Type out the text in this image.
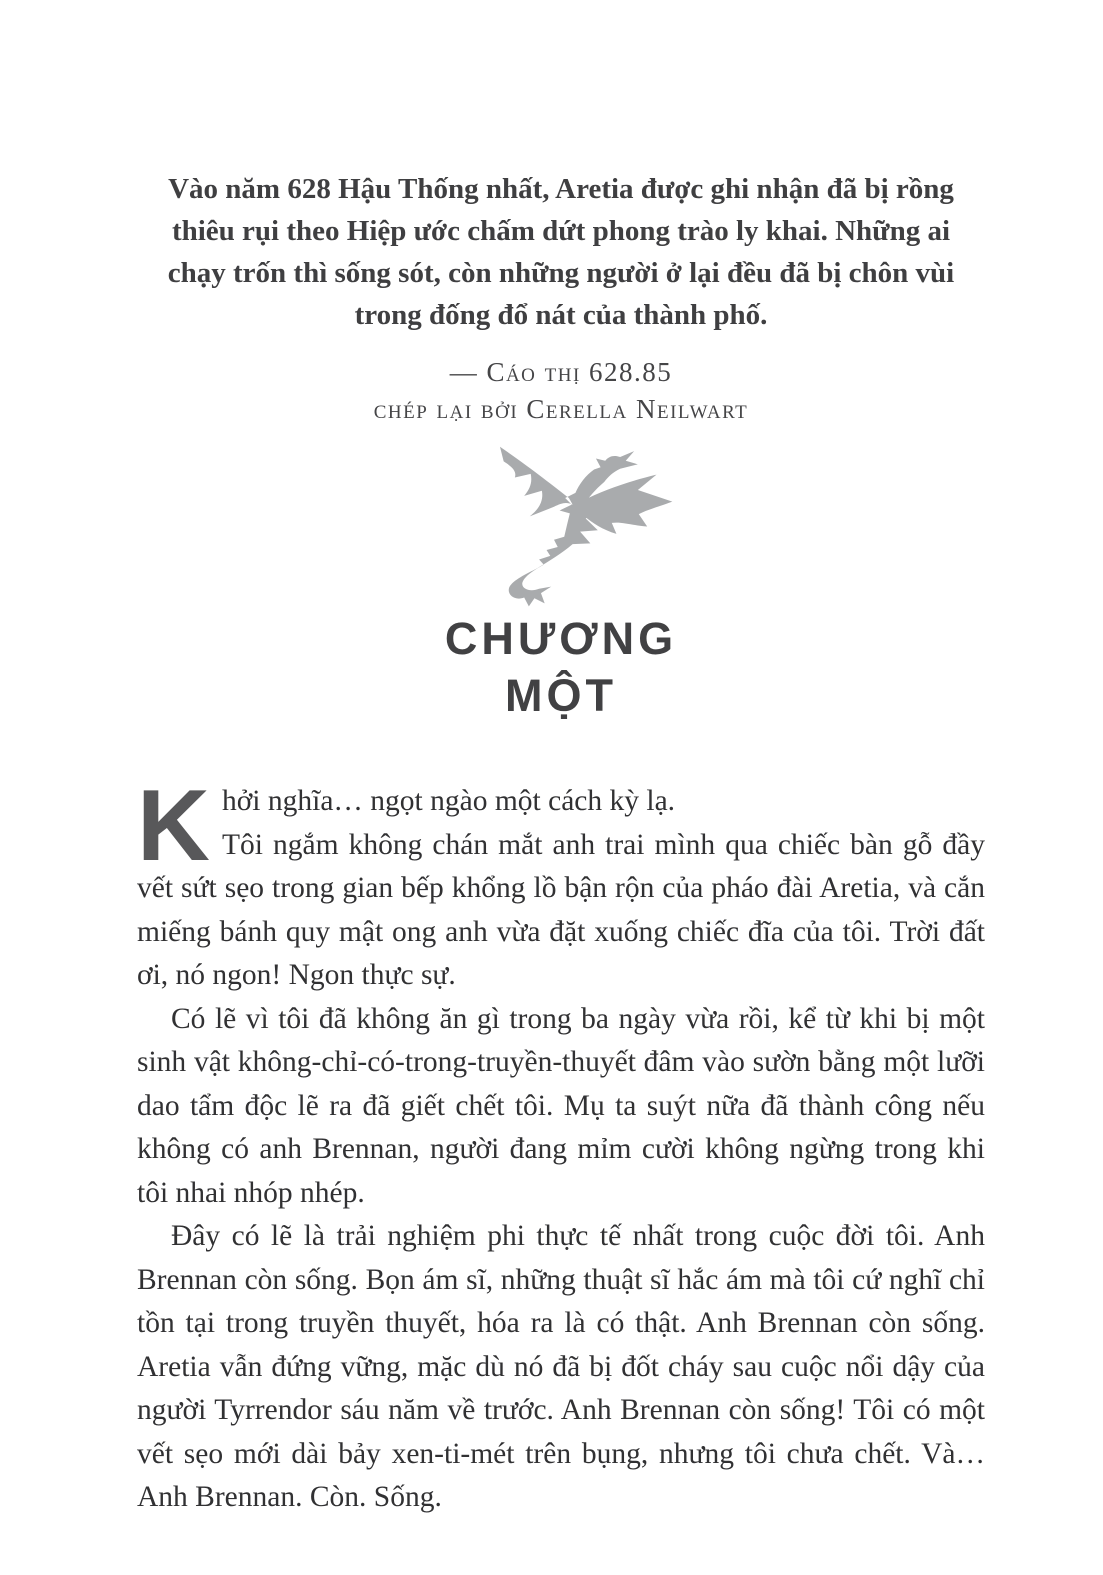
Vào năm 628 Hậu Thống nhất, Aretia được ghi nhận đã bị rồng thiêu rụi theo Hiệp ước chấm dứt phong trào ly khai. Những ai chạy trốn thì sống sót, còn những người ở lại đều đã bị chôn vùi trong đống đổ nát của thành phố.

— Cáo thị 628.85
chép lại bởi Cerella Neilwart

CHƯƠNG
MỘT
K hởi nghĩa… ngọt ngào một cách kỳ lạ.

Tôi ngắm không chán mắt anh trai mình qua chiếc bàn gỗ đầy vết sứt sẹo trong gian bếp khổng lồ bận rộn của pháo đài Aretia, và cắn miếng bánh quy mật ong anh vừa đặt xuống chiếc đĩa của tôi. Trời đất ơi, nó ngon! Ngon thực sự.

Có lẽ vì tôi đã không ăn gì trong ba ngày vừa rồi, kể từ khi bị một sinh vật không-chỉ-có-trong-truyền-thuyết đâm vào sườn bằng một lưỡi dao tẩm độc lẽ ra đã giết chết tôi. Mụ ta suýt nữa đã thành công nếu không có anh Brennan, người đang mỉm cười không ngừng trong khi tôi nhai nhóp nhép.

Đây có lẽ là trải nghiệm phi thực tế nhất trong cuộc đời tôi. Anh Brennan còn sống. Bọn ám sĩ, những thuật sĩ hắc ám mà tôi cứ nghĩ chỉ tồn tại trong truyền thuyết, hóa ra là có thật. Anh Brennan còn sống. Aretia vẫn đứng vững, mặc dù nó đã bị đốt cháy sau cuộc nổi dậy của người Tyrrendor sáu năm về trước. Anh Brennan còn sống! Tôi có một vết sẹo mới dài bảy xen-ti-mét trên bụng, nhưng tôi chưa chết. Và… Anh Brennan. Còn. Sống.
